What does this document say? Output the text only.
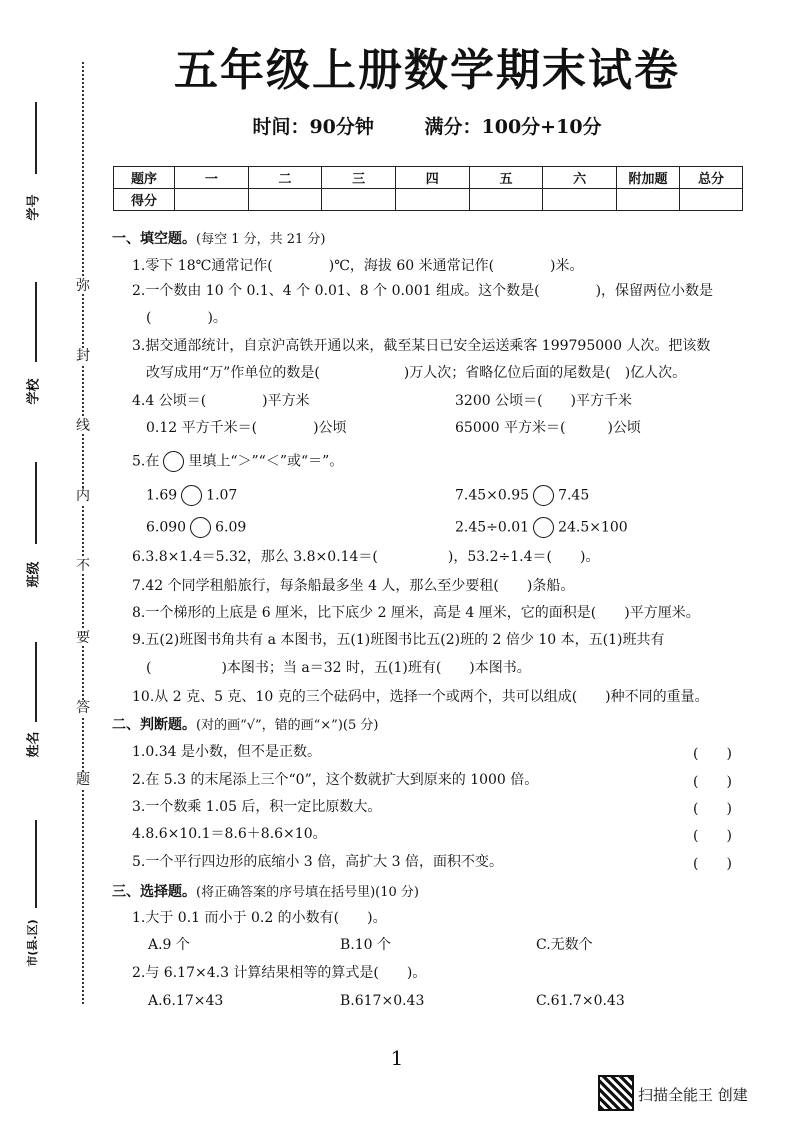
五年级上册数学期末试卷
时间：90分钟	满分：100分+10分
学号
学校
班级
姓名
市(县.区)
弥
封
线
内
不
要
答
题
题序	一	二	三	四	五	六	附加题	总分
得分								
一、填空题。(每空 1 分，共 21 分)
1.零下 18℃通常记作(　　　　)℃，海拔 60 米通常记作(　　　　)米。
2.一个数由 10 个 0.1、4 个 0.01、8 个 0.001 组成。这个数是(　　　　)，保留两位小数是
(　　　　)。
3.据交通部统计，自京沪高铁开通以来，截至某日已安全运送乘客 199795000 人次。把该数
改写成用“万”作单位的数是(　　　　　　)万人次；省略亿位后面的尾数是(　)亿人次。
4.4 公顷＝(　　　　)平方米	3200 公顷＝(　　)平方千米
0.12 平方千米＝(　　　　)公顷	65000 平方米＝(　　　)公顷
5.在 里填上“＞”“＜”或“＝”。
1.69 1.07	7.45×0.95 7.45
6.090 6.09	2.45÷0.01 24.5×100
6.3.8×1.4＝5.32，那么 3.8×0.14＝(　　　　　)，53.2÷1.4＝(　　)。
7.42 个同学租船旅行，每条船最多坐 4 人，那么至少要租(　　)条船。
8.一个梯形的上底是 6 厘米，比下底少 2 厘米，高是 4 厘米，它的面积是(　　)平方厘米。
9.五(2)班图书角共有 a 本图书，五(1)班图书比五(2)班的 2 倍少 10 本，五(1)班共有
(　　　　　)本图书；当 a＝32 时，五(1)班有(　　)本图书。
10.从 2 克、5 克、10 克的三个砝码中，选择一个或两个，共可以组成(　　)种不同的重量。
二、判断题。(对的画“√”，错的画“×”)(5 分)
1.0.34 是小数，但不是正数。	(　　)
2.在 5.3 的末尾添上三个“0”，这个数就扩大到原来的 1000 倍。	(　　)
3.一个数乘 1.05 后，积一定比原数大。	(　　)
4.8.6×10.1＝8.6＋8.6×10。	(　　)
5.一个平行四边形的底缩小 3 倍，高扩大 3 倍，面积不变。	(　　)
三、选择题。(将正确答案的序号填在括号里)(10 分)
1.大于 0.1 而小于 0.2 的小数有(　　)。
A.9 个	B.10 个	C.无数个
2.与 6.17×4.3 计算结果相等的算式是(　　)。
A.6.17×43	B.617×0.43	C.61.7×0.43
1
扫描全能王 创建
